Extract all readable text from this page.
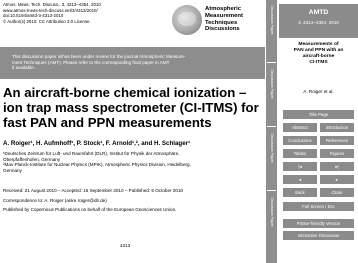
Atmos. Meas. Tech. Discuss., 3, 4313–4354, 2010
www.atmos-meas-tech-discuss.net/3/4313/2010/
doi:10.5194/amtd-3-4313-2010
© Author(s) 2010. CC Attribution 3.0 License.
Atmospheric
Measurement
Techniques
Discussions
This discussion paper is/has been under review for the journal Atmospheric Measure-
ment Techniques (AMT). Please refer to the corresponding final paper in AMT
if available.
An aircraft-borne chemical ionization –
ion trap mass spectrometer (CI-ITMS) for
fast PAN and PPN measurements
A. Roiger¹, H. Aufmhoff¹, P. Stock¹, F. Arnold¹,², and H. Schlager¹
¹Deutsches Zentrum für Luft- und Raumfahrt (DLR), Institut für Physik der Atmosphäre,
Oberpfaffenhofen, Germany
²Max-Planck-Institute for Nuclear Physics (MPIK), Atmospheric Physics Division, Heidelberg,
Germany
Received: 21 August 2010 – Accepted: 16 September 2010 – Published: 5 October 2010
Correspondence to: A. Roiger (anke.roiger@dlr.de)
Published by Copernicus Publications on behalf of the European Geosciences Union.
4313
Discussion Paper
Discussion Paper
Discussion Paper
Discussion Paper
AMTD
3, 4313–4354, 2010
Measurements of
PAN and PPN with an
aircraft-borne
CI-ITMS
A. Roiger et al.
Title Page
Abstract	Introduction
Conclusions	References
Tables	Figures
|◂	▸|
◂	▸
Back	Close
Full Screen / Esc
Printer-friendly Version
Interactive Discussion
